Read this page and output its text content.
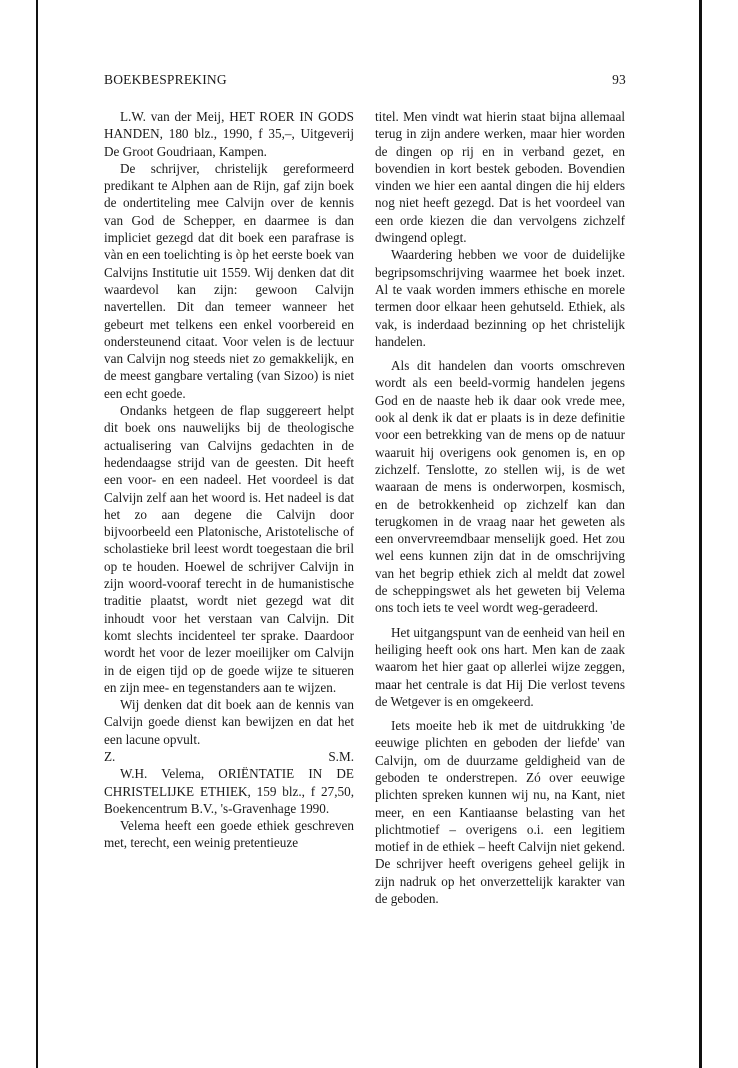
BOEKBESPREKING	93

L.W. van der Meij, HET ROER IN GODS HANDEN, 180 blz., 1990, f 35,–, Uitgeverij De Groot Goudriaan, Kampen.

De schrijver, christelijk gereformeerd predikant te Alphen aan de Rijn, gaf zijn boek de ondertiteling mee Calvijn over de kennis van God de Schepper, en daarmee is dan impliciet gezegd dat dit boek een parafrase is vàn en een toelichting is òp het eerste boek van Calvijns Institutie uit 1559. Wij denken dat dit waardevol kan zijn: gewoon Calvijn navertellen. Dit dan temeer wanneer het gebeurt met telkens een enkel voorbereid en ondersteunend citaat. Voor velen is de lectuur van Calvijn nog steeds niet zo gemakkelijk, en de meest gangbare vertaling (van Sizoo) is niet een echt goede.

Ondanks hetgeen de flap suggereert helpt dit boek ons nauwelijks bij de theologische actualisering van Calvijns gedachten in de hedendaagse strijd van de geesten. Dit heeft een voor- en een nadeel. Het voordeel is dat Calvijn zelf aan het woord is. Het nadeel is dat het zo aan degene die Calvijn door bijvoorbeeld een Platonische, Aristotelische of scholastieke bril leest wordt toegestaan die bril op te houden. Hoewel de schrijver Calvijn in zijn woord-vooraf terecht in de humanistische traditie plaatst, wordt niet gezegd wat dit inhoudt voor het verstaan van Calvijn. Dit komt slechts incidenteel ter sprake. Daardoor wordt het voor de lezer moeilijker om Calvijn in de eigen tijd op de goede wijze te situeren en zijn mee- en tegenstanders aan te wijzen.

Wij denken dat dit boek aan de kennis van Calvijn goede dienst kan bewijzen en dat het een lacune opvult.

Z.	S.M.

W.H. Velema, ORIËNTATIE IN DE CHRISTELIJKE ETHIEK, 159 blz., f 27,50, Boekencentrum B.V., 's-Gravenhage 1990.

Velema heeft een goede ethiek geschreven met, terecht, een weinig pretentieuze

titel. Men vindt wat hierin staat bijna allemaal terug in zijn andere werken, maar hier worden de dingen op rij en in verband gezet, en bovendien in kort bestek geboden. Bovendien vinden we hier een aantal dingen die hij elders nog niet heeft gezegd. Dat is het voordeel van een orde kiezen die dan vervolgens zichzelf dwingend oplegt.

Waardering hebben we voor de duidelijke begripsomschrijving waarmee het boek inzet. Al te vaak worden immers ethische en morele termen door elkaar heen gehutseld. Ethiek, als vak, is inderdaad bezinning op het christelijk handelen.

Als dit handelen dan voorts omschreven wordt als een beeld-vormig handelen jegens God en de naaste heb ik daar ook vrede mee, ook al denk ik dat er plaats is in deze definitie voor een betrekking van de mens op de natuur waaruit hij overigens ook genomen is, en op zichzelf. Tenslotte, zo stellen wij, is de wet waaraan de mens is onderworpen, kosmisch, en de betrokkenheid op zichzelf kan dan terugkomen in de vraag naar het geweten als een onvervreemdbaar menselijk goed. Het zou wel eens kunnen zijn dat in de omschrijving van het begrip ethiek zich al meldt dat zowel de scheppingswet als het geweten bij Velema ons toch iets te veel wordt weg-geradeerd.

Het uitgangspunt van de eenheid van heil en heiliging heeft ook ons hart. Men kan de zaak waarom het hier gaat op allerlei wijze zeggen, maar het centrale is dat Hij Die verlost tevens de Wetgever is en omgekeerd.

Iets moeite heb ik met de uitdrukking 'de eeuwige plichten en geboden der liefde' van Calvijn, om de duurzame geldigheid van de geboden te onderstrepen. Zó over eeuwige plichten spreken kunnen wij nu, na Kant, niet meer, en een Kantiaanse belasting van het plichtmotief – overigens o.i. een legitiem motief in de ethiek – heeft Calvijn niet gekend. De schrijver heeft overigens geheel gelijk in zijn nadruk op het onverzettelijk karakter van de geboden.
